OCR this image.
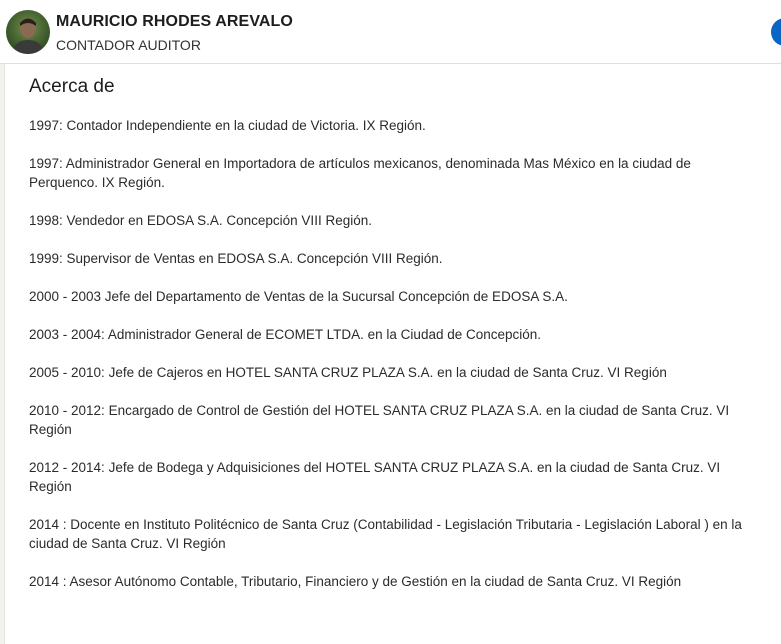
MAURICIO RHODES AREVALO
CONTADOR AUDITOR
Acerca de
1997: Contador Independiente en la ciudad de Victoria. IX Región.
1997: Administrador General en Importadora de artículos mexicanos, denominada Mas México en la ciudad de Perquenco. IX Región.
1998: Vendedor en EDOSA S.A. Concepción VIII Región.
1999: Supervisor de Ventas en EDOSA S.A. Concepción VIII Región.
2000 - 2003 Jefe del Departamento de Ventas de la Sucursal Concepción de EDOSA S.A.
2003 - 2004: Administrador General de ECOMET LTDA. en la Ciudad de Concepción.
2005 - 2010: Jefe de Cajeros en HOTEL SANTA CRUZ PLAZA S.A. en la ciudad de Santa Cruz. VI Región
2010 - 2012: Encargado de Control de Gestión del HOTEL SANTA CRUZ PLAZA S.A. en la ciudad de Santa Cruz. VI Región
2012 - 2014: Jefe de Bodega y Adquisiciones del HOTEL SANTA CRUZ PLAZA S.A. en la ciudad de Santa Cruz. VI Región
2014 : Docente en Instituto Politécnico de Santa Cruz (Contabilidad - Legislación Tributaria - Legislación Laboral ) en la ciudad de Santa Cruz. VI Región
2014 : Asesor Autónomo Contable, Tributario, Financiero y de Gestión en la ciudad de Santa Cruz. VI Región
